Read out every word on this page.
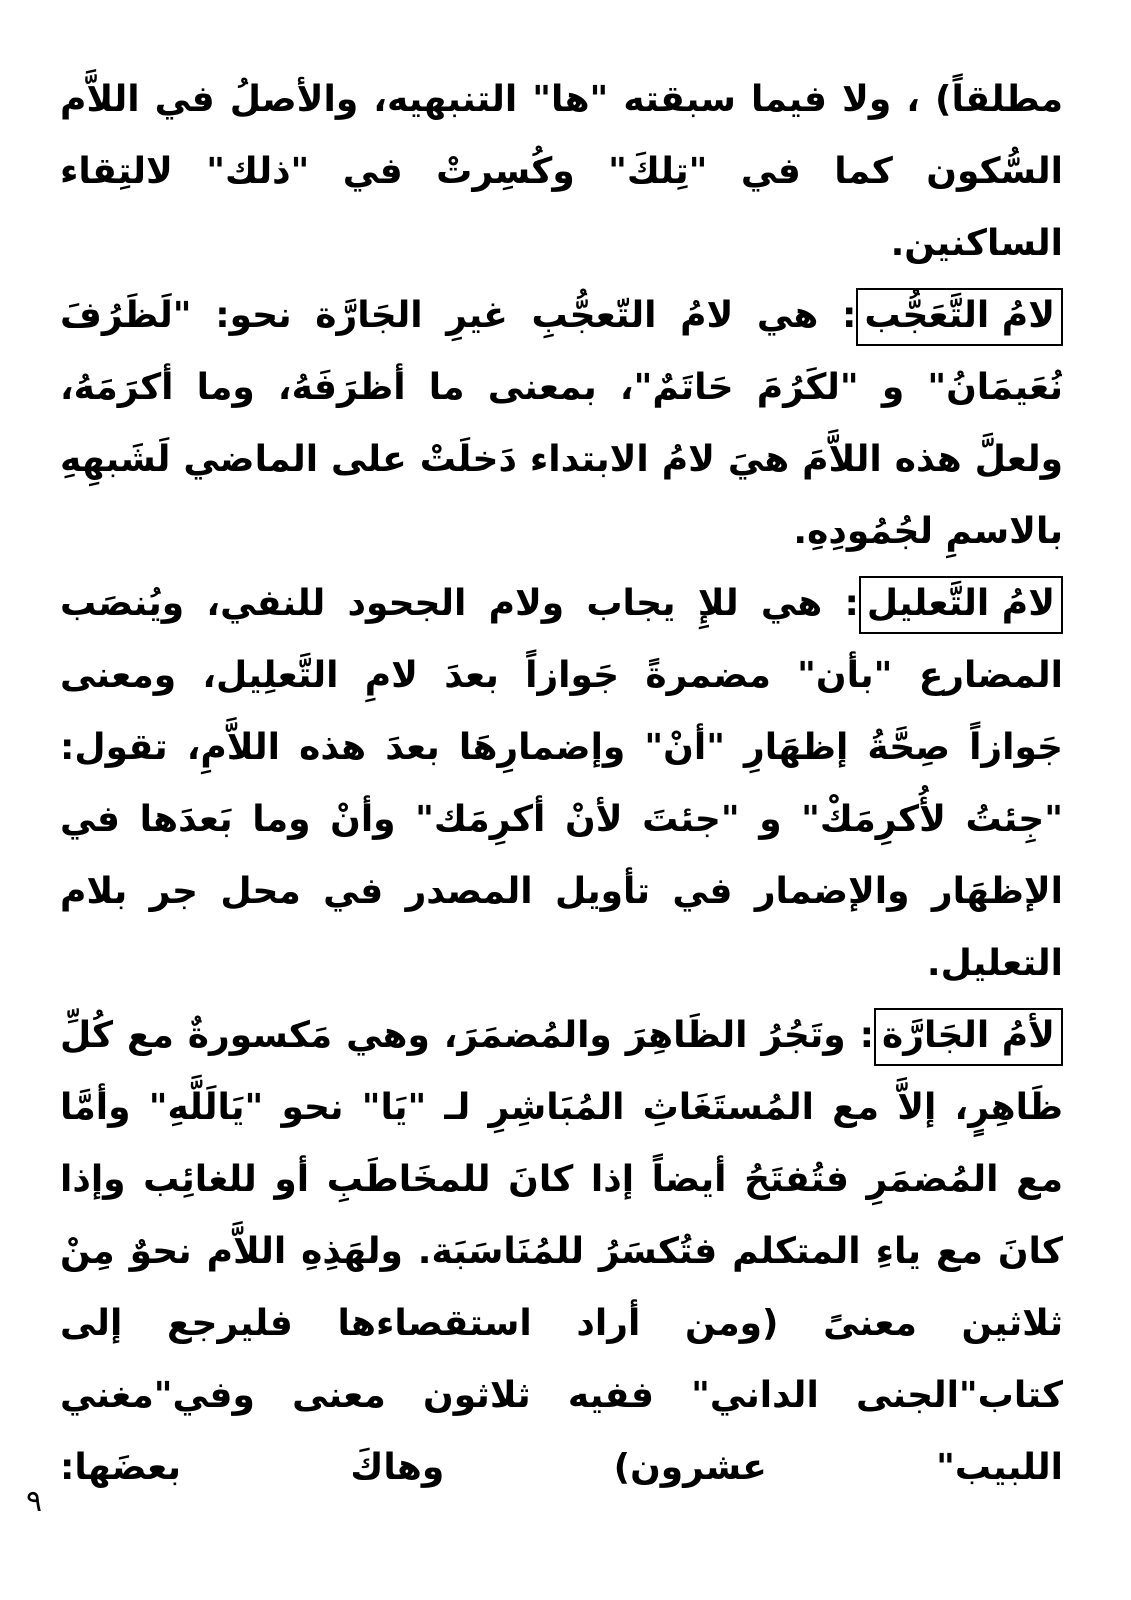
مطلقاً) ، ولا فيما سبقته "ها" التنبهيه، والأصلُ في اللاَّم
السُّكون كما في "تِلكَ" وكُسِرتْ في "ذلك" لالتِقاء
الساكنين.
لامُ التَّعَجُّب: هي لامُ التّعجُّبِ غيرِ الجَارَّة نحو: "لَظَرُفَ
نُعَيمَانُ" و "لكَرُمَ حَاتَمٌ"، بمعنى ما أظرَفَهُ، وما أكرَمَهُ،
ولعلَّ هذه اللاَّمَ هيَ لامُ الابتداء دَخلَتْ على الماضي لَشَبهِهِ
بالاسمِ لجُمُودِهِ.
لامُ التَّعليل: هي للإِ يجاب ولام الجحود للنفي، ويُنصَب
المضارع "بأن" مضمرةً جَوازاً بعدَ لامِ التَّعلِيل، ومعنى
جَوازاً صِحَّةُ إظهَارِ "أنْ" وإضمارِهَا بعدَ هذه اللاَّمِ، تقول:
"جِئتُ لأُكرِمَكْ" و "جئتَ لأنْ أكرِمَك" وأنْ وما بَعدَها في
الإظهَار والإضمار في تأويل المصدر في محل جر بلام
التعليل.
لأمُ الجَارَّة: وتَجُرُ الظَاهِرَ والمُضمَرَ، وهي مَكسورةٌ مع كُلِّ
ظَاهِرٍ، إلاَّ مع المُستَغَاثِ المُبَاشِرِ لـ "يَا" نحو "يَالَلَّهِ" وأمَّا
مع المُضمَرِ فتُفتَحُ أيضاً إذا كانَ للمخَاطَبِ أو للغائِب وإذا
كانَ مع ياءِ المتكلم فتُكسَرُ للمُنَاسَبَة. ولهَذِهِ اللاَّم نحوٌ مِنْ
ثلاثين معنىً (ومن أراد استقصاءها فليرجع إلى
كتاب"الجنى الداني" ففيه ثلاثون معنى وفي"مغني
اللبيب" عشرون) وهاكَ بعضَها:
٩
